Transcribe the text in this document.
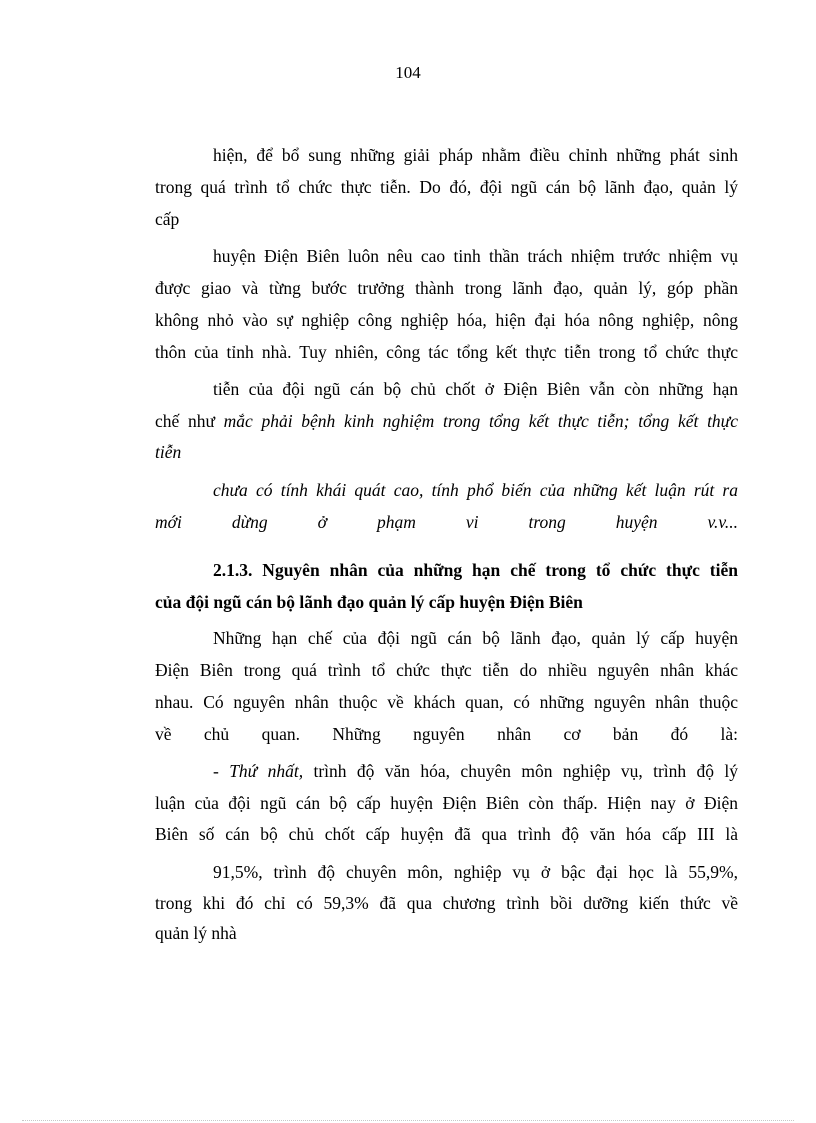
104
hiện, để bổ sung những giải pháp nhằm điều chỉnh những phát sinh
trong quá trình tổ chức thực tiễn. Do đó, đội ngũ cán bộ lãnh đạo, quản lý
cấp
huyện Điện Biên luôn nêu cao tinh thần trách nhiệm trước nhiệm vụ
được giao và từng bước trưởng thành trong lãnh đạo, quản lý, góp phần
không nhỏ vào sự nghiệp công nghiệp hóa, hiện đại hóa nông nghiệp, nông
thôn của tỉnh nhà. Tuy nhiên, công tác tổng kết thực tiễn trong tổ chức thực
tiễn của đội ngũ cán bộ chủ chốt ở Điện Biên vẫn còn những hạn
chế như mắc phải bệnh kinh nghiệm trong tổng kết thực tiễn; tổng kết thực
tiễn
chưa có tính khái quát cao, tính phổ biến của những kết luận rút ra
mới dừng ở phạm vi trong huyện v.v...
2.1.3. Nguyên nhân của những hạn chế trong tổ chức thực tiễn
của đội ngũ cán bộ lãnh đạo quản lý cấp huyện Điện Biên
Những hạn chế của đội ngũ cán bộ lãnh đạo, quản lý cấp huyện
Điện Biên trong quá trình tổ chức thực tiễn do nhiều nguyên nhân khác
nhau. Có nguyên nhân thuộc về khách quan, có những nguyên nhân thuộc
về chủ quan. Những nguyên nhân cơ bản đó là:
- Thứ nhất, trình độ văn hóa, chuyên môn nghiệp vụ, trình độ lý
luận của đội ngũ cán bộ cấp huyện Điện Biên còn thấp. Hiện nay ở Điện
Biên số cán bộ chủ chốt cấp huyện đã qua trình độ văn hóa cấp III là
91,5%, trình độ chuyên môn, nghiệp vụ ở bậc đại học là 55,9%,
trong khi đó chỉ có 59,3% đã qua chương trình bồi dưỡng kiến thức về
quản lý nhà
